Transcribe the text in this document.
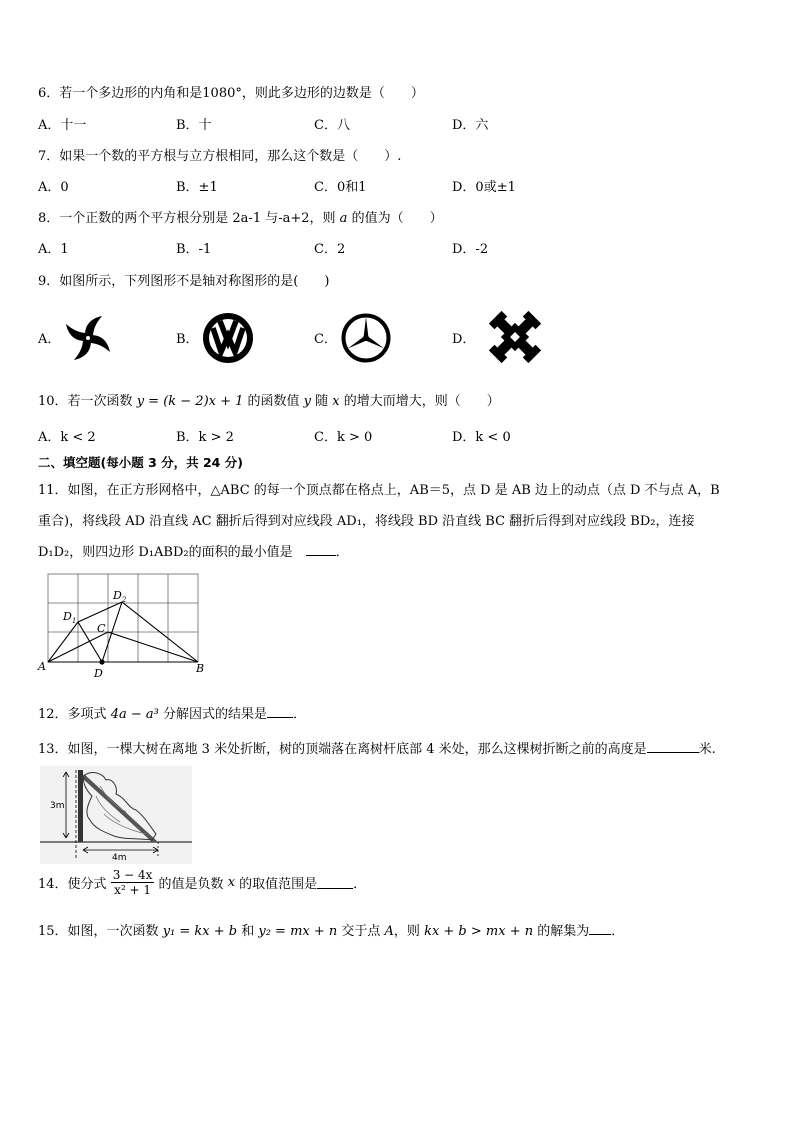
6．若一个多边形的内角和是1080°，则此多边形的边数是（　　）
A．十一	B．十	C．八	D．六
7．如果一个数的平方根与立方根相同，那么这个数是（　　）.
A．0	B．±1	C．0和1	D．0或±1
8．一个正数的两个平方根分别是 2a-1 与-a+2，则 a 的值为（　　）
A．1	B．-1	C．2	D．-2
9．如图所示，下列图形不是轴对称图形的是(　　)
A．	B．	C．	D．
10．若一次函数 y = (k − 2)x + 1 的函数值 y 随 x 的增大而增大，则（　　）
A．k < 2	B．k > 2	C．k > 0	D．k < 0
二、填空题(每小题 3 分，共 24 分)
11．如图，在正方形网格中，△ABC 的每一个顶点都在格点上，AB＝5，点 D 是 AB 边上的动点（点 D 不与点 A，B
重合)，将线段 AD 沿直线 AC 翻折后得到对应线段 AD₁，将线段 BD 沿直线 BC 翻折后得到对应线段 BD₂，连接
D₁D₂，则四边形 D₁ABD₂的面积的最小值是　．
A	B
C
D
$D_1$
$D_2$
12．多项式 4a − a³ 分解因式的结果是 ．
13．如图，一棵大树在离地 3 米处折断，树的顶端落在离树杆底部 4 米处，那么这棵树折断之前的高度是	米.
3m
4m
14．使分式 $\frac{3 - 4x}{\text{x² + 1}}$ 的值是负数 x 的取值范围是	．
15．如图，一次函数 y₁ = kx + b 和 y₂ = mx + n 交于点 A，则 kx + b > mx + n 的解集为 ．
